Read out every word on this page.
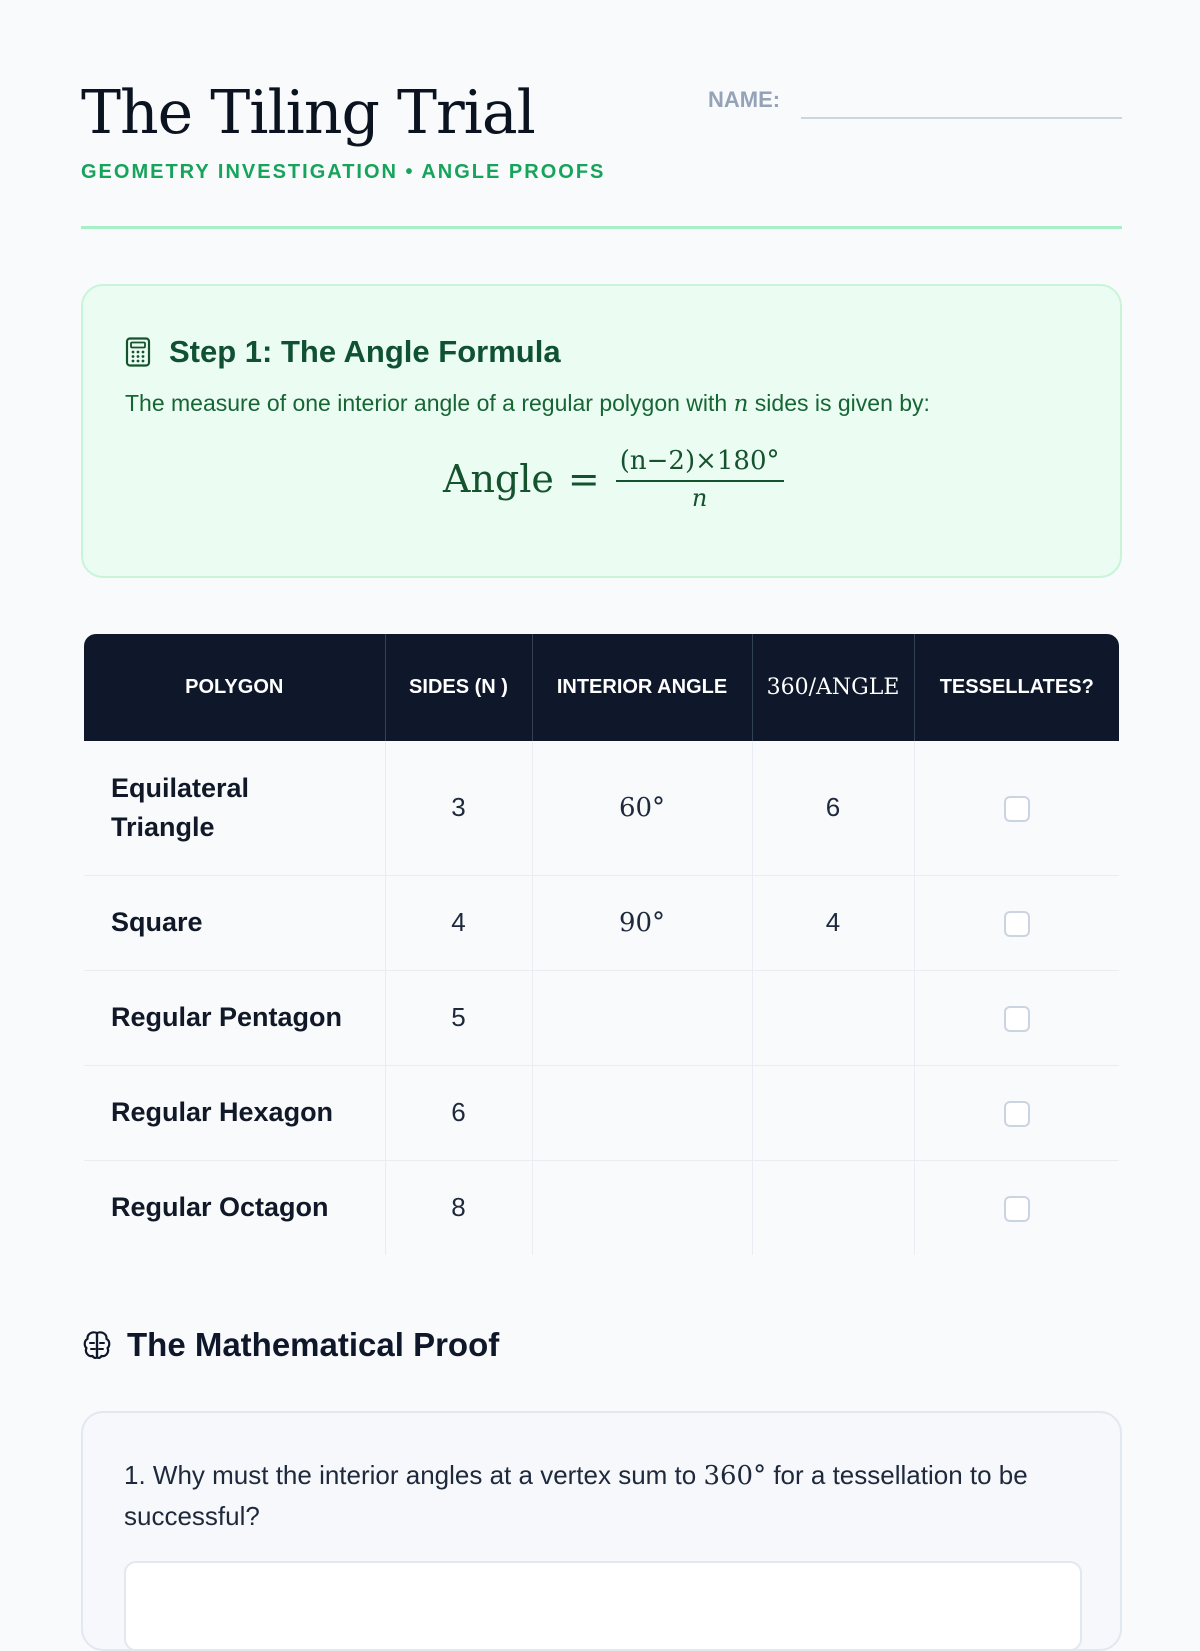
The Tiling Trial
GEOMETRY INVESTIGATION • ANGLE PROOFS
NAME:
Step 1: The Angle Formula

The measure of one interior angle of a regular polygon with n sides is given by:

Angle = $\frac{(n-2)\times 180^\circ}{n}$
POLYGON	SIDES (N )	INTERIOR ANGLE	360/ANGLE	TESSELLATES?
Equilateral Triangle	3	60°	6	
Square	4	90°	4	
Regular Pentagon	5			
Regular Hexagon	6			
Regular Octagon	8			
The Mathematical Proof

1. Why must the interior angles at a vertex sum to 360° for a tessellation to be successful?
